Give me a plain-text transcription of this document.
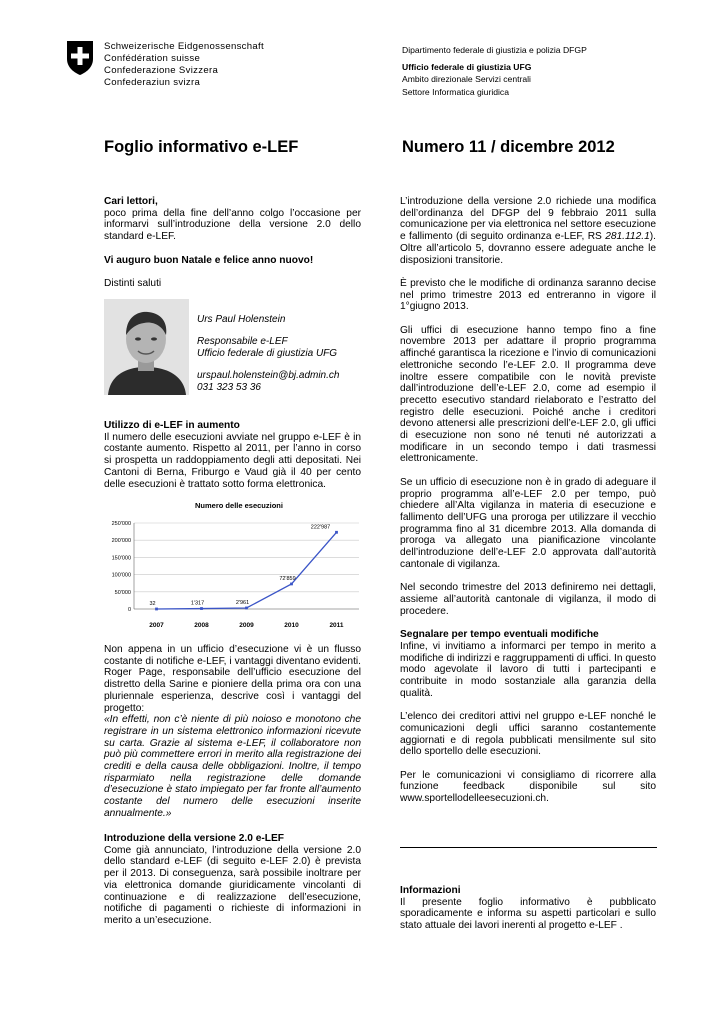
Schweizerische Eidgenossenschaft
Confédération suisse
Confederazione Svizzera
Confederaziun svizra
Dipartimento federale di giustizia e polizia DFGP
Ufficio federale di giustizia UFG
Ambito direzionale Servizi centrali
Settore Informatica giuridica
Foglio informativo e-LEF	Numero 11 / dicembre 2012
Cari lettori,

poco prima della fine dell’anno colgo l’occasione per informarvi sull’introduzione della versione 2.0 dello standard e-LEF.

Vi auguro buon Natale e felice anno nuovo!

Distinti saluti

Urs Paul Holenstein
Responsabile e-LEF
Ufficio federale di giustizia UFG
urspaul.holenstein@bj.admin.ch
031 323 53 36
Utilizzo di e-LEF in aumento
Il numero delle esecuzioni avviate nel gruppo e-LEF è in costante aumento. Rispetto al 2011, per l’anno in corso si prospetta un raddoppiamento degli atti depositati. Nei Cantoni di Berna, Friburgo e Vaud già il 40 per cento delle esecuzioni è trattato sotto forma elettronica.
Numero delle esecuzioni
0
50'000
100'000
150'000
200'000
250'000
2007	2008	2009	2010	2011
32	1'317	2'961
72'859
222'987
Non appena in un ufficio d’esecuzione vi è un flusso costante di notifiche e-LEF, i vantaggi diventano evidenti. Roger Page, responsabile dell’ufficio esecuzione del distretto della Sarine e pioniere della prima ora con una pluriennale esperienza, descrive così i vantaggi del progetto:

«In effetti, non c’è niente di più noioso e monotono che registrare in un sistema elettronico informazioni ricevute su carta. Grazie al sistema e-LEF, il collaboratore non può più commettere errori in merito alla registrazione dei crediti e della causa delle obbligazioni. Inoltre, il tempo risparmiato nella registrazione delle domande d’esecuzione è stato impiegato per far fronte all’aumento costante del numero delle esecuzioni inserite annualmente.»

Introduzione della versione 2.0 e-LEF
Come già annunciato, l’introduzione della versione 2.0 dello standard e-LEF (di seguito e-LEF 2.0) è prevista per il 2013. Di conseguenza, sarà possibile inoltrare per via elettronica domande giuridicamente vincolanti di continuazione e di realizzazione dell’esecuzione, notifiche di pagamenti o richieste di informazioni in merito a un’esecuzione.

L’introduzione della versione 2.0 richiede una modifica dell’ordinanza del DFGP del 9 febbraio 2011 sulla comunicazione per via elettronica nel settore esecuzione e fallimento (di seguito ordinanza e-LEF, RS 281.112.1). Oltre all’articolo 5, dovranno essere adeguate anche le disposizioni transitorie.

È previsto che le modifiche di ordinanza saranno decise nel primo trimestre 2013 ed entreranno in vigore il 1°giugno 2013.

Gli uffici di esecuzione hanno tempo fino a fine novembre 2013 per adattare il proprio programma affinché garantisca la ricezione e l’invio di comunicazioni elettroniche secondo l’e-LEF 2.0. Il programma deve inoltre essere compatibile con le novità previste dall’introduzione dell’e-LEF 2.0, come ad esempio il precetto esecutivo standard rielaborato e l’estratto del registro delle esecuzioni. Poiché anche i creditori devono attenersi alle prescrizioni dell’e-LEF 2.0, gli uffici di esecuzione non sono né tenuti né autorizzati a modificare in un secondo tempo i dati trasmessi elettronicamente.

Se un ufficio di esecuzione non è in grado di adeguare il proprio programma all’e-LEF 2.0 per tempo, può chiedere all’Alta vigilanza in materia di esecuzione e fallimento dell’UFG una proroga per utilizzare il vecchio programma fino al 31 dicembre 2013. Alla domanda di proroga va allegato una pianificazione vincolante dell’introduzione dell’e-LEF 2.0 approvata dall’autorità cantonale di vigilanza.

Nel secondo trimestre del 2013 definiremo nei dettagli, assieme all’autorità cantonale di vigilanza, il modo di procedere.

Segnalare per tempo eventuali modifiche

Infine, vi invitiamo a informarci per tempo in merito a modifiche di indirizzi e raggruppamenti di uffici. In questo modo agevolate il lavoro di tutti i partecipanti e contribuite in modo sostanziale alla garanzia della qualità.

L’elenco dei creditori attivi nel gruppo e-LEF nonché le comunicazioni degli uffici saranno costantemente aggiornati e di regola pubblicati mensilmente sul sito dello sportello delle esecuzioni.

Per le comunicazioni vi consigliamo di ricorrere alla
funzione feedback disponibile sul sito
www.sportellodelleesecuzioni.ch.
Informazioni
Il presente foglio informativo è pubblicato sporadicamente e informa su aspetti particolari e sullo stato attuale dei lavori inerenti al progetto e-LEF .
